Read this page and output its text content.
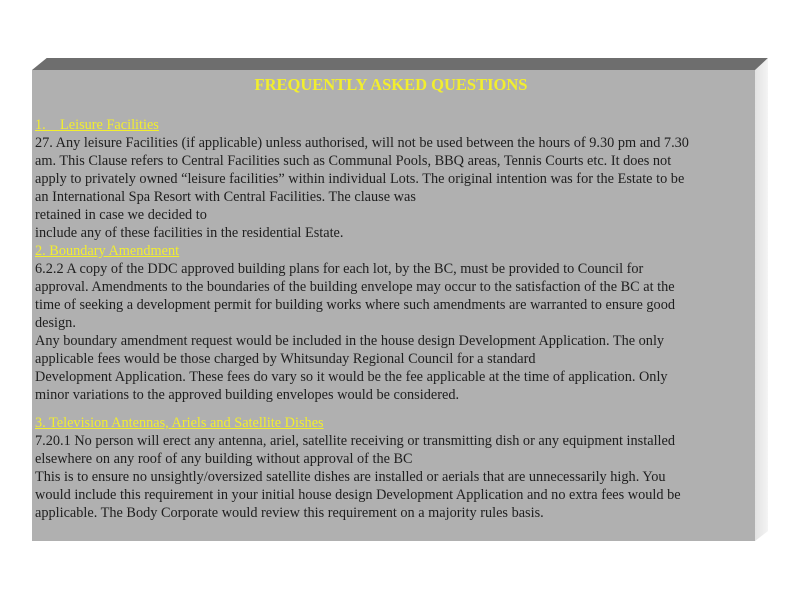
FREQUENTLY ASKED QUESTIONS
1.    Leisure Facilities

27. Any leisure Facilities (if applicable) unless authorised, will not be used between the hours of 9.30 pm and 7.30

am. This Clause refers to Central Facilities such as Communal Pools, BBQ areas, Tennis Courts etc. It does not

apply to privately owned “leisure facilities” within individual Lots. The original intention was for the Estate to be

an International Spa Resort with Central Facilities. The clause was

retained in case we decided to

include any of these facilities in the residential Estate.

2. Boundary Amendment

6.2.2 A copy of the DDC approved building plans for each lot, by the BC, must be provided to Council for

approval. Amendments to the boundaries of the building envelope may occur to the satisfaction of the BC at the

time of seeking a development permit for building works where such amendments are warranted to ensure good

design.

Any boundary amendment request would be included in the house design Development Application. The only

applicable fees would be those charged by Whitsunday Regional Council for a standard

Development Application. These fees do vary so it would be the fee applicable at the time of application. Only

minor variations to the approved building envelopes would be considered.

3. Television Antennas, Ariels and Satellite Dishes

7.20.1 No person will erect any antenna, ariel, satellite receiving or transmitting dish or any equipment installed

elsewhere on any roof of any building without approval of the BC

This is to ensure no unsightly/oversized satellite dishes are installed or aerials that are unnecessarily high. You

would include this requirement in your initial house design Development Application and no extra fees would be

applicable. The Body Corporate would review this requirement on a majority rules basis.
